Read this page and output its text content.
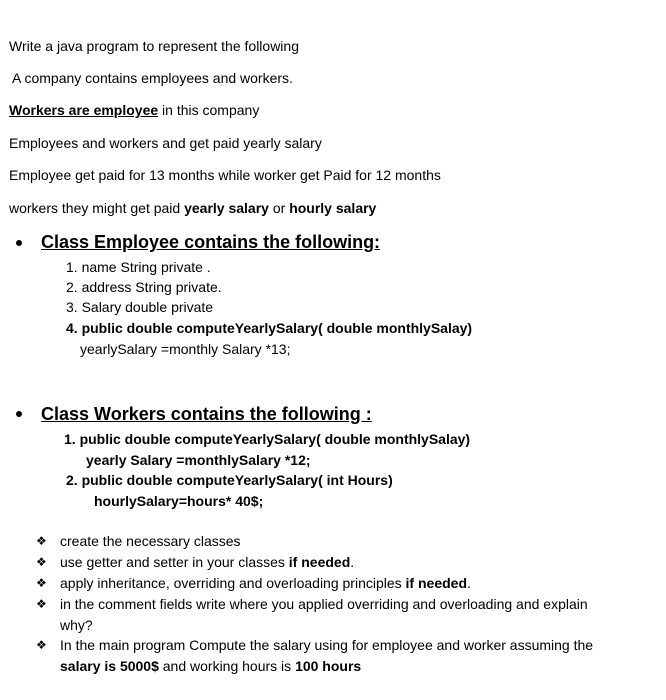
Write a java program to represent the following
A company contains employees and workers.
Workers are employee in this company
Employees and workers and get paid yearly salary
Employee get paid for 13 months while worker get Paid for 12 months
workers they might get paid yearly salary or hourly salary
Class Employee contains the following:
1. name String private .
2. address String private.
3. Salary double private
4. public double computeYearlySalary( double monthlySalay)
yearlySalary =monthly Salary *13;
Class Workers contains the following :
1. public double computeYearlySalary( double monthlySalay)
yearly Salary =monthlySalary *12;
2. public double computeYearlySalary( int Hours)
hourlySalary=hours* 40$;
❖ create the necessary classes
❖ use getter and setter in your classes if needed.
❖ apply inheritance, overriding and overloading principles if needed.
❖ in the comment fields write where you applied overriding and overloading and explain
why?
❖ In the main program Compute the salary using for employee and worker assuming the
salary is 5000$ and working hours is 100 hours
